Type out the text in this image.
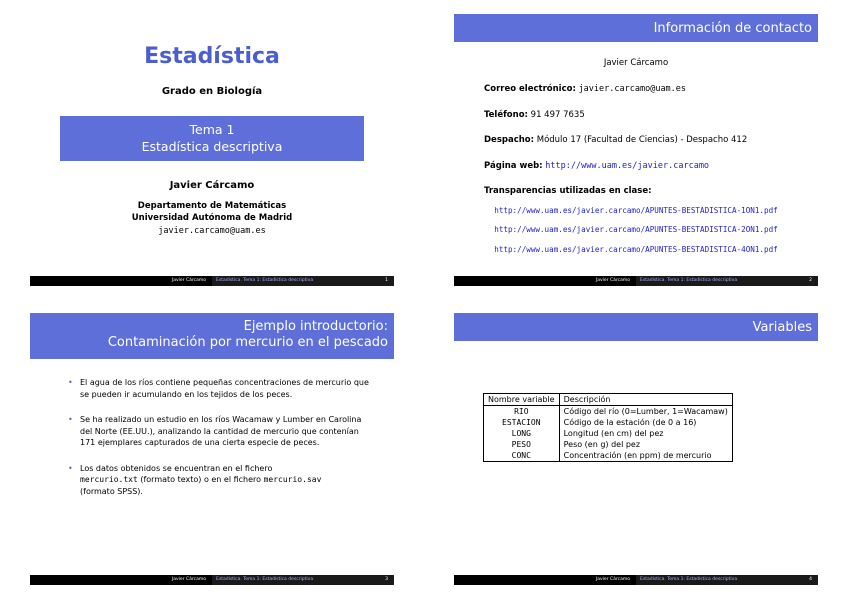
Estadística
Grado en Biología
Tema 1
Estadística descriptiva
Javier Cárcamo
Departamento de Matemáticas
Universidad Autónoma de Madrid
javier.carcamo@uam.es
Javier Cárcamo	Estadística. Tema 1: Estadística descriptiva	1
Información de contacto
Javier Cárcamo
Correo electrónico: javier.carcamo@uam.es
Teléfono: 91 497 7635
Despacho: Módulo 17 (Facultad de Ciencias) - Despacho 412
Página web: http://www.uam.es/javier.carcamo
Transparencias utilizadas en clase:
http://www.uam.es/javier.carcamo/APUNTES-BESTADISTICA-1ON1.pdf
http://www.uam.es/javier.carcamo/APUNTES-BESTADISTICA-2ON1.pdf
http://www.uam.es/javier.carcamo/APUNTES-BESTADISTICA-4ON1.pdf
Javier Cárcamo	Estadística. Tema 1: Estadística descriptiva	2
Ejemplo introductorio:
Contaminación por mercurio en el pescado
• El agua de los ríos contiene pequeñas concentraciones de mercurio que se pueden ir acumulando en los tejidos de los peces.
• Se ha realizado un estudio en los ríos Wacamaw y Lumber en Carolina del Norte (EE.UU.), analizando la cantidad de mercurio que contenían 171 ejemplares capturados de una cierta especie de peces.
• Los datos obtenidos se encuentran en el fichero
mercurio.txt (formato texto) o en el fichero mercurio.sav
(formato SPSS).
Javier Cárcamo	Estadística. Tema 1: Estadística descriptiva	3
Variables
Nombre variable	Descripción
RIO	Código del río (0=Lumber, 1=Wacamaw)
ESTACION	Código de la estación (de 0 a 16)
LONG	Longitud (en cm) del pez
PESO	Peso (en g) del pez
CONC	Concentración (en ppm) de mercurio
Javier Cárcamo	Estadística. Tema 1: Estadística descriptiva	4
